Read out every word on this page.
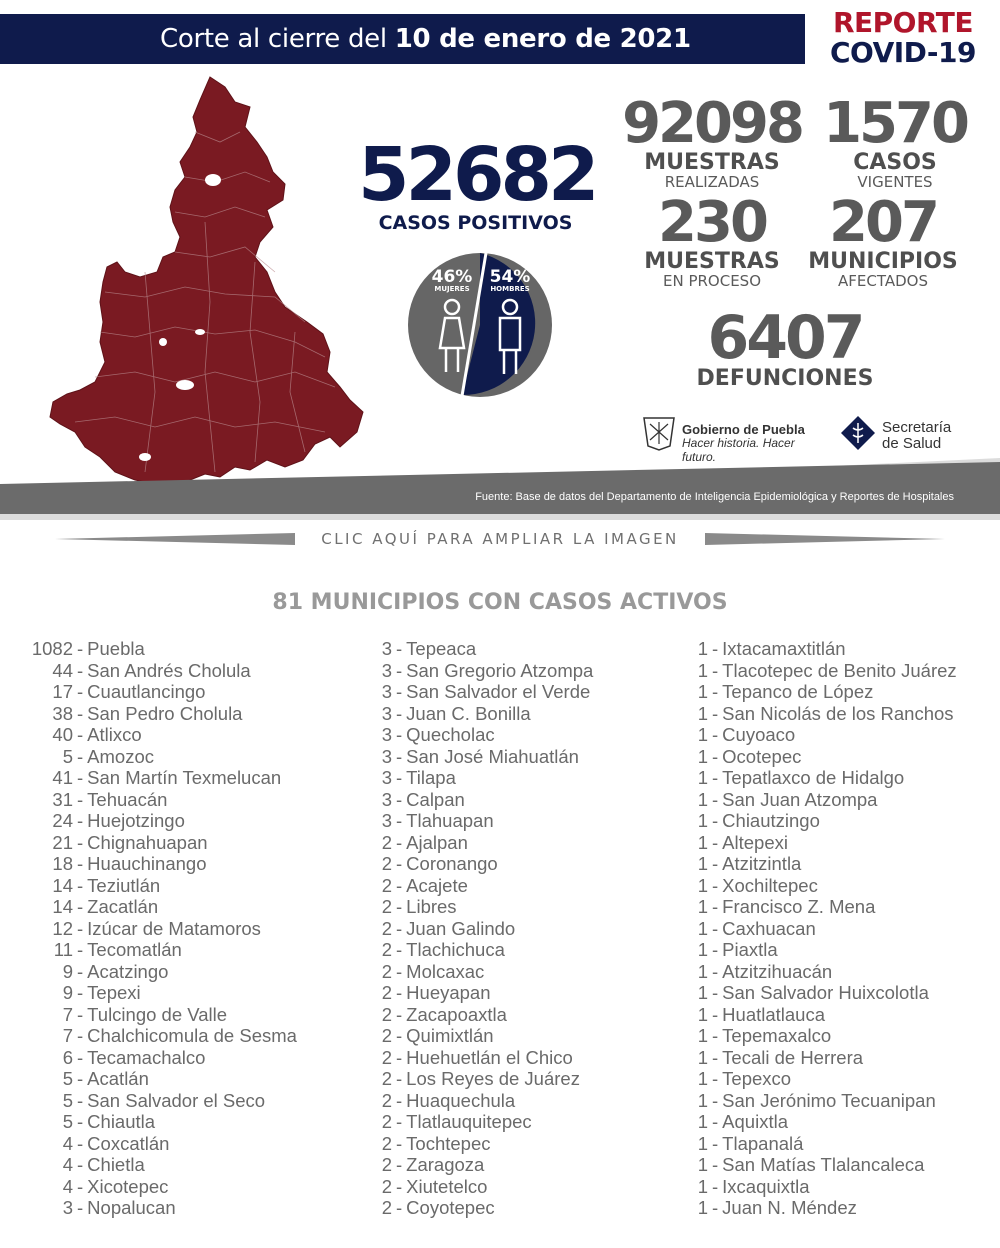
Corte al cierre del 10 de enero de 2021	REPORTE
COVID-19
52682
CASOS POSITIVOS
46%
MUJERES
54%
HOMBRES
92098
MUESTRAS
REALIZADAS
1570
CASOS
VIGENTES
230
MUESTRAS
EN PROCESO
207
MUNICIPIOS
AFECTADOS
6407
DEFUNCIONES
Gobierno de Puebla
Hacer historia. Hacer futuro.
Secretaría
de Salud
Fuente: Base de datos del Departamento de Inteligencia Epidemiológica y Reportes de Hospitales
CLIC AQUÍ PARA AMPLIAR LA IMAGEN
81 MUNICIPIOS CON CASOS ACTIVOS
1082 - Puebla
44 - San Andrés Cholula
17 - Cuautlancingo
38 - San Pedro Cholula
40 - Atlixco
5 - Amozoc
41 - San Martín Texmelucan
31 - Tehuacán
24 - Huejotzingo
21 - Chignahuapan
18 - Huauchinango
14 - Teziutlán
14 - Zacatlán
12 - Izúcar de Matamoros
11 - Tecomatlán
9 - Acatzingo
9 - Tepexi
7 - Tulcingo de Valle
7 - Chalchicomula de Sesma
6 - Tecamachalco
5 - Acatlán
5 - San Salvador el Seco
5 - Chiautla
4 - Coxcatlán
4 - Chietla
4 - Xicotepec
3 - Nopalucan
3 - Tepeaca
3 - San Gregorio Atzompa
3 - San Salvador el Verde
3 - Juan C. Bonilla
3 - Quecholac
3 - San José Miahuatlán
3 - Tilapa
3 - Calpan
3 - Tlahuapan
2 - Ajalpan
2 - Coronango
2 - Acajete
2 - Libres
2 - Juan Galindo
2 - Tlachichuca
2 - Molcaxac
2 - Hueyapan
2 - Zacapoaxtla
2 - Quimixtlán
2 - Huehuetlán el Chico
2 - Los Reyes de Juárez
2 - Huaquechula
2 - Tlatlauquitepec
2 - Tochtepec
2 - Zaragoza
2 - Xiutetelco
2 - Coyotepec
1 - Ixtacamaxtitlán
1 - Tlacotepec de Benito Juárez
1 - Tepanco de López
1 - San Nicolás de los Ranchos
1 - Cuyoaco
1 - Ocotepec
1 - Tepatlaxco de Hidalgo
1 - San Juan Atzompa
1 - Chiautzingo
1 - Altepexi
1 - Atzitzintla
1 - Xochiltepec
1 - Francisco Z. Mena
1 - Caxhuacan
1 - Piaxtla
1 - Atzitzihuacán
1 - San Salvador Huixcolotla
1 - Huatlatlauca
1 - Tepemaxalco
1 - Tecali de Herrera
1 - Tepexco
1 - San Jerónimo Tecuanipan
1 - Aquixtla
1 - Tlapanalá
1 - San Matías Tlalancaleca
1 - Ixcaquixtla
1 - Juan N. Méndez
